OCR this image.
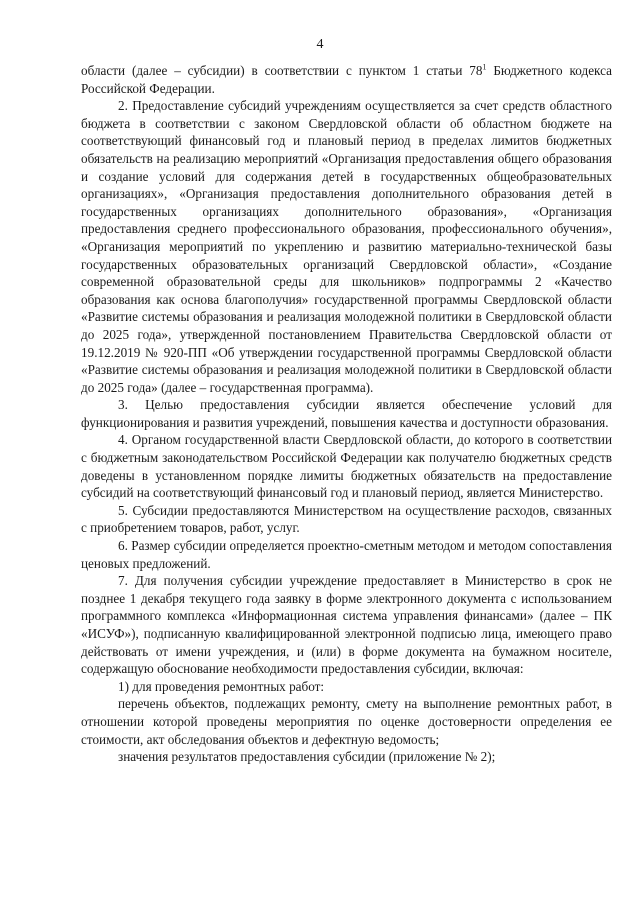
4

области (далее – субсидии) в соответствии с пунктом 1 статьи $78^1$ Бюджетного кодекса Российской Федерации.

2. Предоставление субсидий учреждениям осуществляется за счет средств областного бюджета в соответствии с законом Свердловской области об областном бюджете на соответствующий финансовый год и плановый период в пределах лимитов бюджетных обязательств на реализацию мероприятий «Организация предоставления общего образования и создание условий для содержания детей в государственных общеобразовательных организациях», «Организация предоставления дополнительного образования детей в государственных организациях дополнительного образования», «Организация предоставления среднего профессионального образования, профессионального обучения», «Организация мероприятий по укреплению и развитию материально-технической базы государственных образовательных организаций Свердловской области», «Создание современной образовательной среды для школьников» подпрограммы 2 «Качество образования как основа благополучия» государственной программы Свердловской области «Развитие системы образования и реализация молодежной политики в Свердловской области до 2025 года», утвержденной постановлением Правительства Свердловской области от 19.12.2019 № 920-ПП «Об утверждении государственной программы Свердловской области «Развитие системы образования и реализация молодежной политики в Свердловской области до 2025 года» (далее – государственная программа).

3. Целью предоставления субсидии является обеспечение условий для функционирования и развития учреждений, повышения качества и доступности образования.

4. Органом государственной власти Свердловской области, до которого в соответствии с бюджетным законодательством Российской Федерации как получателю бюджетных средств доведены в установленном порядке лимиты бюджетных обязательств на предоставление субсидий на соответствующий финансовый год и плановый период, является Министерство.

5. Субсидии предоставляются Министерством на осуществление расходов, связанных с приобретением товаров, работ, услуг.

6. Размер субсидии определяется проектно-сметным методом и методом сопоставления ценовых предложений.

7. Для получения субсидии учреждение предоставляет в Министерство в срок не позднее 1 декабря текущего года заявку в форме электронного документа с использованием программного комплекса «Информационная система управления финансами» (далее – ПК «ИСУФ»), подписанную квалифицированной электронной подписью лица, имеющего право действовать от имени учреждения, и (или) в форме документа на бумажном носителе, содержащую обоснование необходимости предоставления субсидии, включая:

1) для проведения ремонтных работ:

перечень объектов, подлежащих ремонту, смету на выполнение ремонтных работ, в отношении которой проведены мероприятия по оценке достоверности определения ее стоимости, акт обследования объектов и дефектную ведомость;

значения результатов предоставления субсидии (приложение № 2);
